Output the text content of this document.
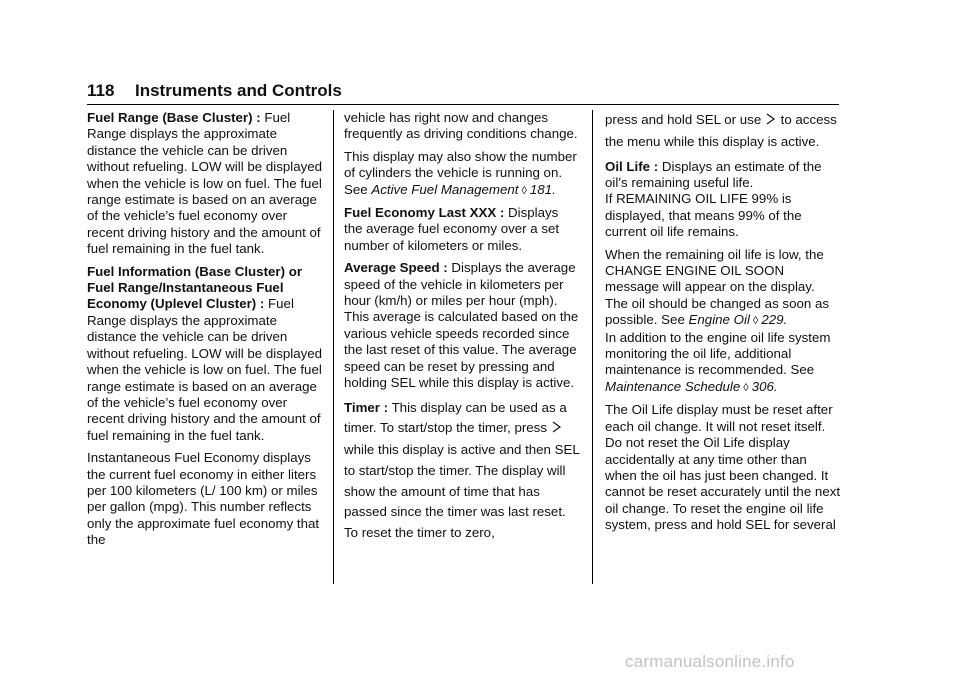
118 Instruments and Controls

Fuel Range (Base Cluster) : Fuel Range displays the approximate distance the vehicle can be driven without refueling. LOW will be displayed when the vehicle is low on fuel. The fuel range estimate is based on an average of the vehicle’s fuel economy over recent driving history and the amount of fuel remaining in the fuel tank.

Fuel Information (Base Cluster) or Fuel Range/Instantaneous Fuel Economy (Uplevel Cluster) : Fuel Range displays the approximate distance the vehicle can be driven without refueling. LOW will be displayed when the vehicle is low on fuel. The fuel range estimate is based on an average of the vehicle’s fuel economy over recent driving history and the amount of fuel remaining in the fuel tank.

Instantaneous Fuel Economy displays the current fuel economy in either liters per 100 kilometers (L/ 100 km) or miles per gallon (mpg). This number reflects only the approximate fuel economy that the

vehicle has right now and changes frequently as driving conditions change.

This display may also show the number of cylinders the vehicle is running on. See Active Fuel Management ◊ 181.

Fuel Economy Last XXX : Displays the average fuel economy over a set number of kilometers or miles.

Average Speed : Displays the average speed of the vehicle in kilometers per hour (km/h) or miles per hour (mph). This average is calculated based on the various vehicle speeds recorded since the last reset of this value. The average speed can be reset by pressing and holding SEL while this display is active.

Timer : This display can be used as a timer. To start/stop the timer, press  while this display is active and then SEL to start/stop the timer. The display will show the amount of time that has passed since the timer was last reset. To reset the timer to zero,

press and hold SEL or use to access the menu while this display is active.

Oil Life : Displays an estimate of the oil’s remaining useful life.
If REMAINING OIL LIFE 99% is displayed, that means 99% of the current oil life remains.

When the remaining oil life is low, the CHANGE ENGINE OIL SOON message will appear on the display. The oil should be changed as soon as possible. See Engine Oil ◊ 229.
In addition to the engine oil life system monitoring the oil life, additional maintenance is recommended. See Maintenance Schedule ◊ 306.

The Oil Life display must be reset after each oil change. It will not reset itself. Do not reset the Oil Life display accidentally at any time other than when the oil has just been changed. It cannot be reset accurately until the next oil change. To reset the engine oil life system, press and hold SEL for several

carmanualsonline.info
